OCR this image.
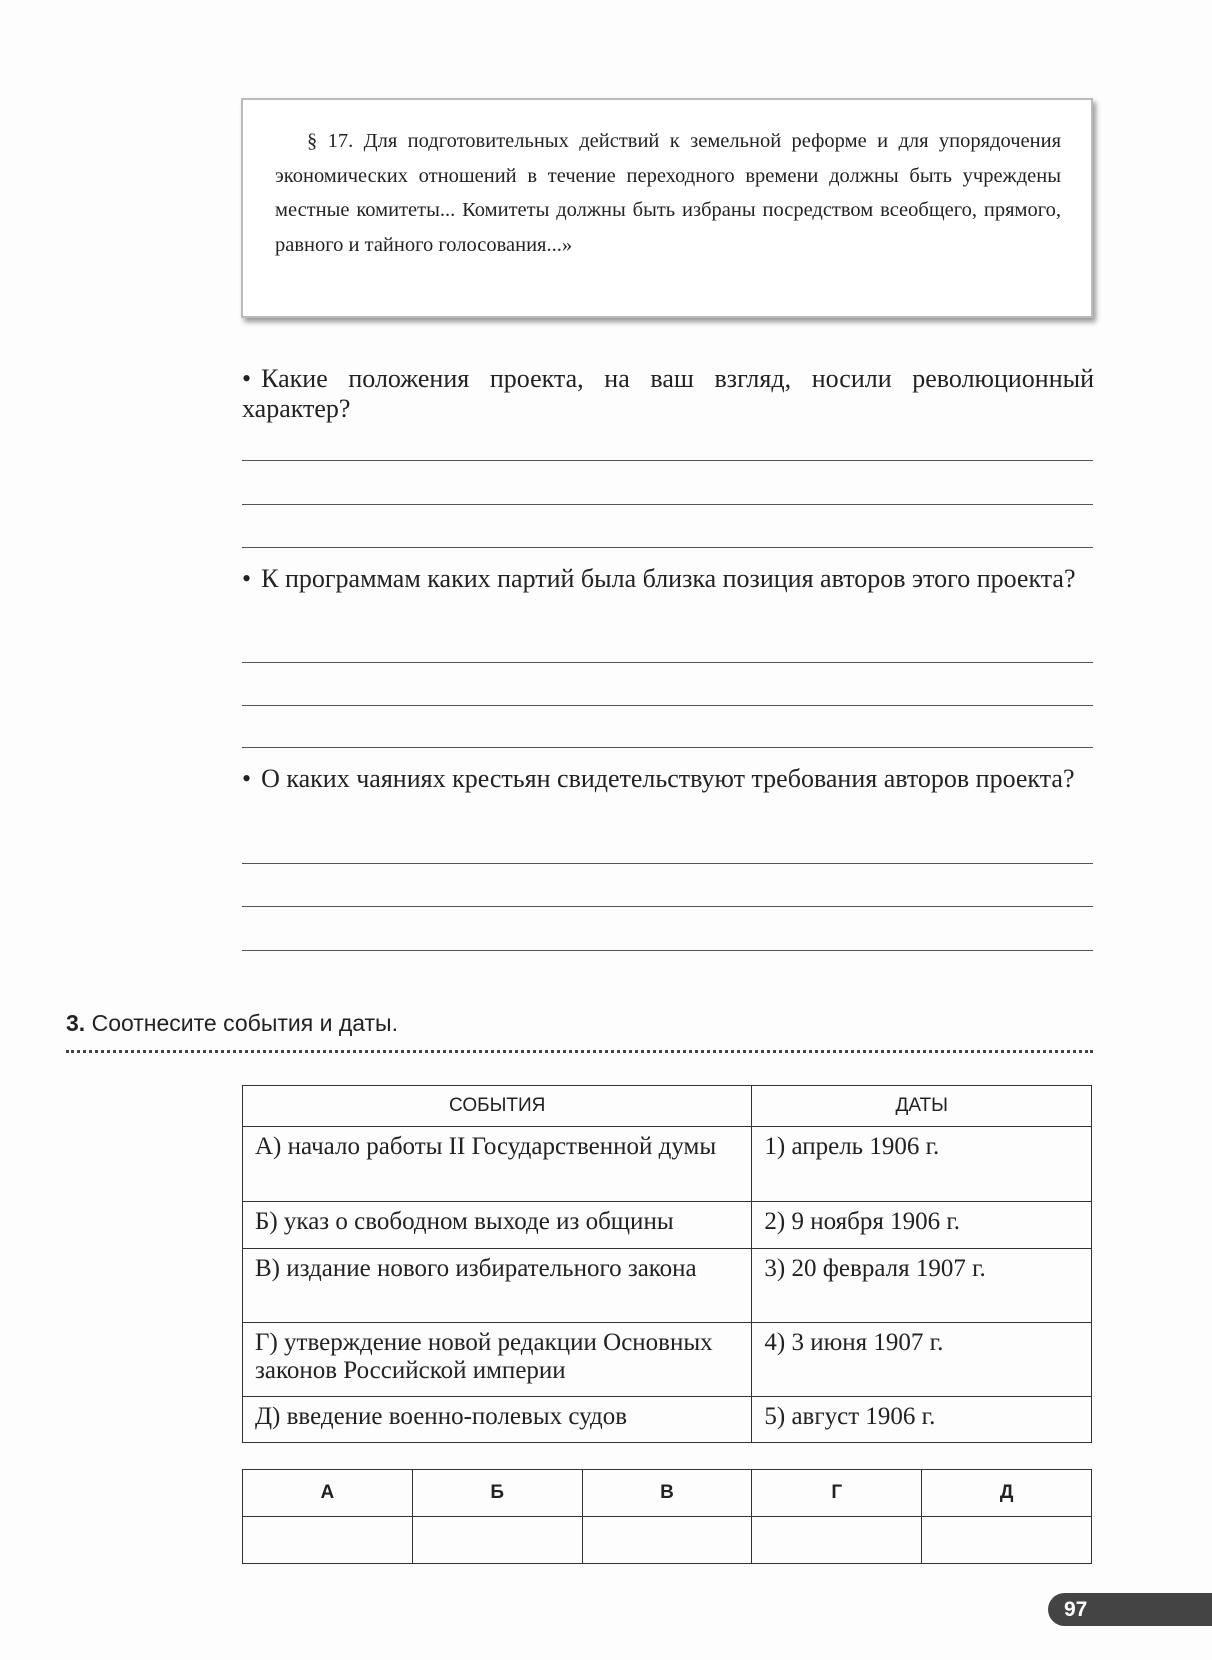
§ 17. Для подготовительных действий к земельной реформе и для упорядочения экономических отношений в течение переходного времени должны быть учреждены местные комитеты... Комитеты должны быть избраны посредством всеобщего, прямого, равного и тайного голосования...»

• Какие положения проекта, на ваш взгляд, носили революционный характер?
• К программам каких партий была близка позиция авторов этого проекта?
• О каких чаяниях крестьян свидетельствуют требования авторов проекта?
3. Соотнесите события и даты.
СОБЫТИЯ	ДАТЫ
А) начало работы II Государственной думы	1) апрель 1906 г.
Б) указ о свободном выходе из общины	2) 9 ноября 1906 г.
В) издание нового избирательного закона	3) 20 февраля 1907 г.
Г) утверждение новой редакции Основных законов Российской империи	4) 3 июня 1907 г.
Д) введение военно-полевых судов	5) август 1906 г.
А	Б	В	Г	Д

97
